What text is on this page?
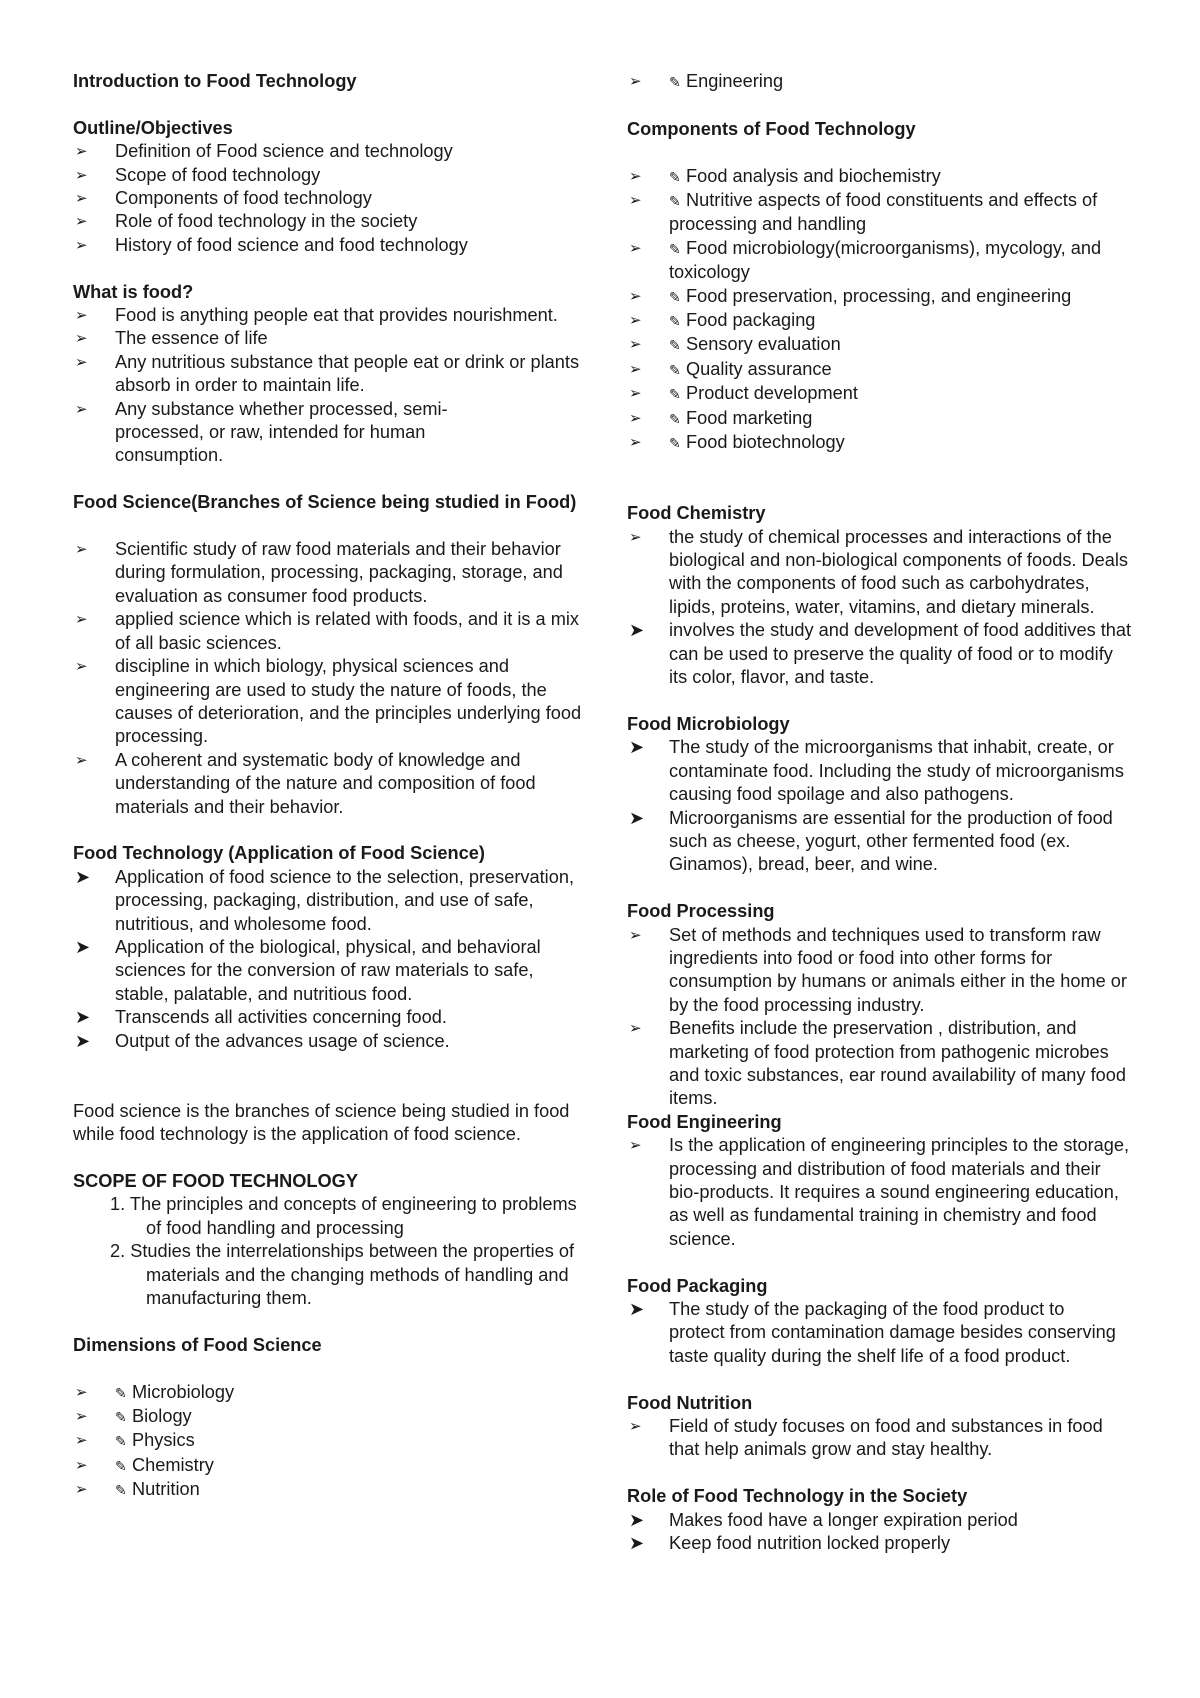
Introduction to Food Technology
Outline/Objectives
➢ Definition of Food science and technology
➢ Scope of food technology
➢ Components of food technology
➢ Role of food technology in the society
➢ History of food science and food technology
What is food?
➢ Food is anything people eat that provides nourishment.
➢ The essence of life
➢ Any nutritious substance that people eat or drink or plants absorb in order to maintain life.
➢ Any substance whether processed, semi-processed, or raw, intended for human consumption.
Food Science(Branches of Science being studied in Food)
➢ Scientific study of raw food materials and their behavior during formulation, processing, packaging, storage, and evaluation as consumer food products.
➢ applied science which is related with foods, and it is a mix of all basic sciences.
➢ discipline in which biology, physical sciences and engineering are used to study the nature of foods, the causes of deterioration, and the principles underlying food processing.
➢ A coherent and systematic body of knowledge and understanding of the nature and composition of food materials and their behavior.
Food Technology (Application of Food Science)
➤ Application of food science to the selection, preservation, processing, packaging, distribution, and use of safe, nutritious, and wholesome food.
➤ Application of the biological, physical, and behavioral sciences for the conversion of raw materials to safe, stable, palatable, and nutritious food.
➤ Transcends all activities concerning food.
➤ Output of the advances usage of science.
Food science is the branches of science being studied in food while food technology is the application of food science.
SCOPE OF FOOD TECHNOLOGY
1. The principles and concepts of engineering to problems of food handling and processing
2. Studies the interrelationships between the properties of materials and the changing methods of handling and manufacturing them.
Dimensions of Food Science
➢ ✎ Microbiology
➢ ✎ Biology
➢ ✎ Physics
➢ ✎ Chemistry
➢ ✎ Nutrition
➢ ✎ Engineering
Components of Food Technology
➢ ✎ Food analysis and biochemistry
➢ ✎ Nutritive aspects of food constituents and effects of processing and handling
➢ ✎ Food microbiology(microorganisms), mycology, and toxicology
➢ ✎ Food preservation, processing, and engineering
➢ ✎ Food packaging
➢ ✎ Sensory evaluation
➢ ✎ Quality assurance
➢ ✎ Product development
➢ ✎ Food marketing
➢ ✎ Food biotechnology
Food Chemistry
➢ the study of chemical processes and interactions of the biological and non-biological components of foods. Deals with the components of food such as carbohydrates, lipids, proteins, water, vitamins, and dietary minerals.
➤ involves the study and development of food additives that can be used to preserve the quality of food or to modify its color, flavor, and taste.
Food Microbiology
➤ The study of the microorganisms that inhabit, create, or contaminate food. Including the study of microorganisms causing food spoilage and also pathogens.
➤ Microorganisms are essential for the production of food such as cheese, yogurt, other fermented food (ex. Ginamos), bread, beer, and wine.
Food Processing
➢ Set of methods and techniques used to transform raw ingredients into food or food into other forms for consumption by humans or animals either in the home or by the food processing industry.
➢ Benefits include the preservation , distribution, and marketing of food protection from pathogenic microbes and toxic substances, ear round availability of many food items.
Food Engineering
➢ Is the application of engineering principles to the storage, processing and distribution of food materials and their bio-products. It requires a sound engineering education, as well as fundamental training in chemistry and food science.
Food Packaging
➤ The study of the packaging of the food product to protect from contamination damage besides conserving taste quality during the shelf life of a food product.
Food Nutrition
➢ Field of study focuses on food and substances in food that help animals grow and stay healthy.
Role of Food Technology in the Society
➤ Makes food have a longer expiration period
➤ Keep food nutrition locked properly
